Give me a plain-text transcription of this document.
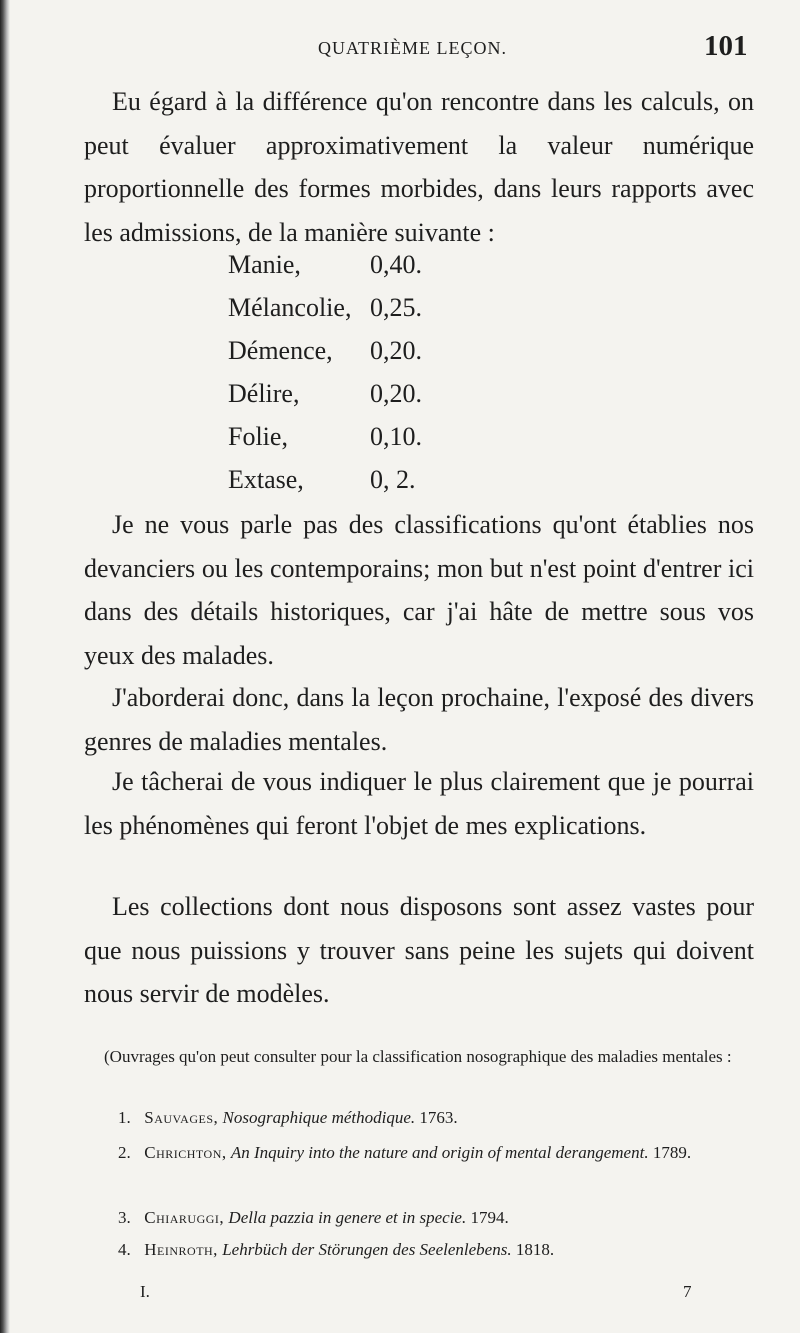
QUATRIÈME LEÇON.	101

Eu égard à la différence qu'on rencontre dans les calculs, on peut évaluer approximativement la valeur numérique proportionnelle des formes morbides, dans leurs rapports avec les admissions, de la manière suivante :

Manie,	0,40.
Mélancolie, 0,25.
Démence, 0,20.
Délire,	0,20.
Folie,	0,10.
Extase,	0, 2.

Je ne vous parle pas des classifications qu'ont établies nos devanciers ou les contemporains; mon but n'est point d'entrer ici dans des détails historiques, car j'ai hâte de mettre sous vos yeux des malades.

J'aborderai donc, dans la leçon prochaine, l'exposé des divers genres de maladies mentales.

Je tâcherai de vous indiquer le plus clairement que je pourrai les phénomènes qui feront l'objet de mes explications.

Les collections dont nous disposons sont assez vastes pour que nous puissions y trouver sans peine les sujets qui doivent nous servir de modèles.

(Ouvrages qu'on peut consulter pour la classification nosographique des maladies mentales :

1. Sauvages, Nosographique méthodique. 1763.
2. Chrichton, An Inquiry into the nature and origin of mental derangement. 1789.
3. Chiaruggi, Della pazzia in genere et in specie. 1794.
4. Heinroth, Lehrbüch der Störungen des Seelenlebens. 1818.
I.	7
